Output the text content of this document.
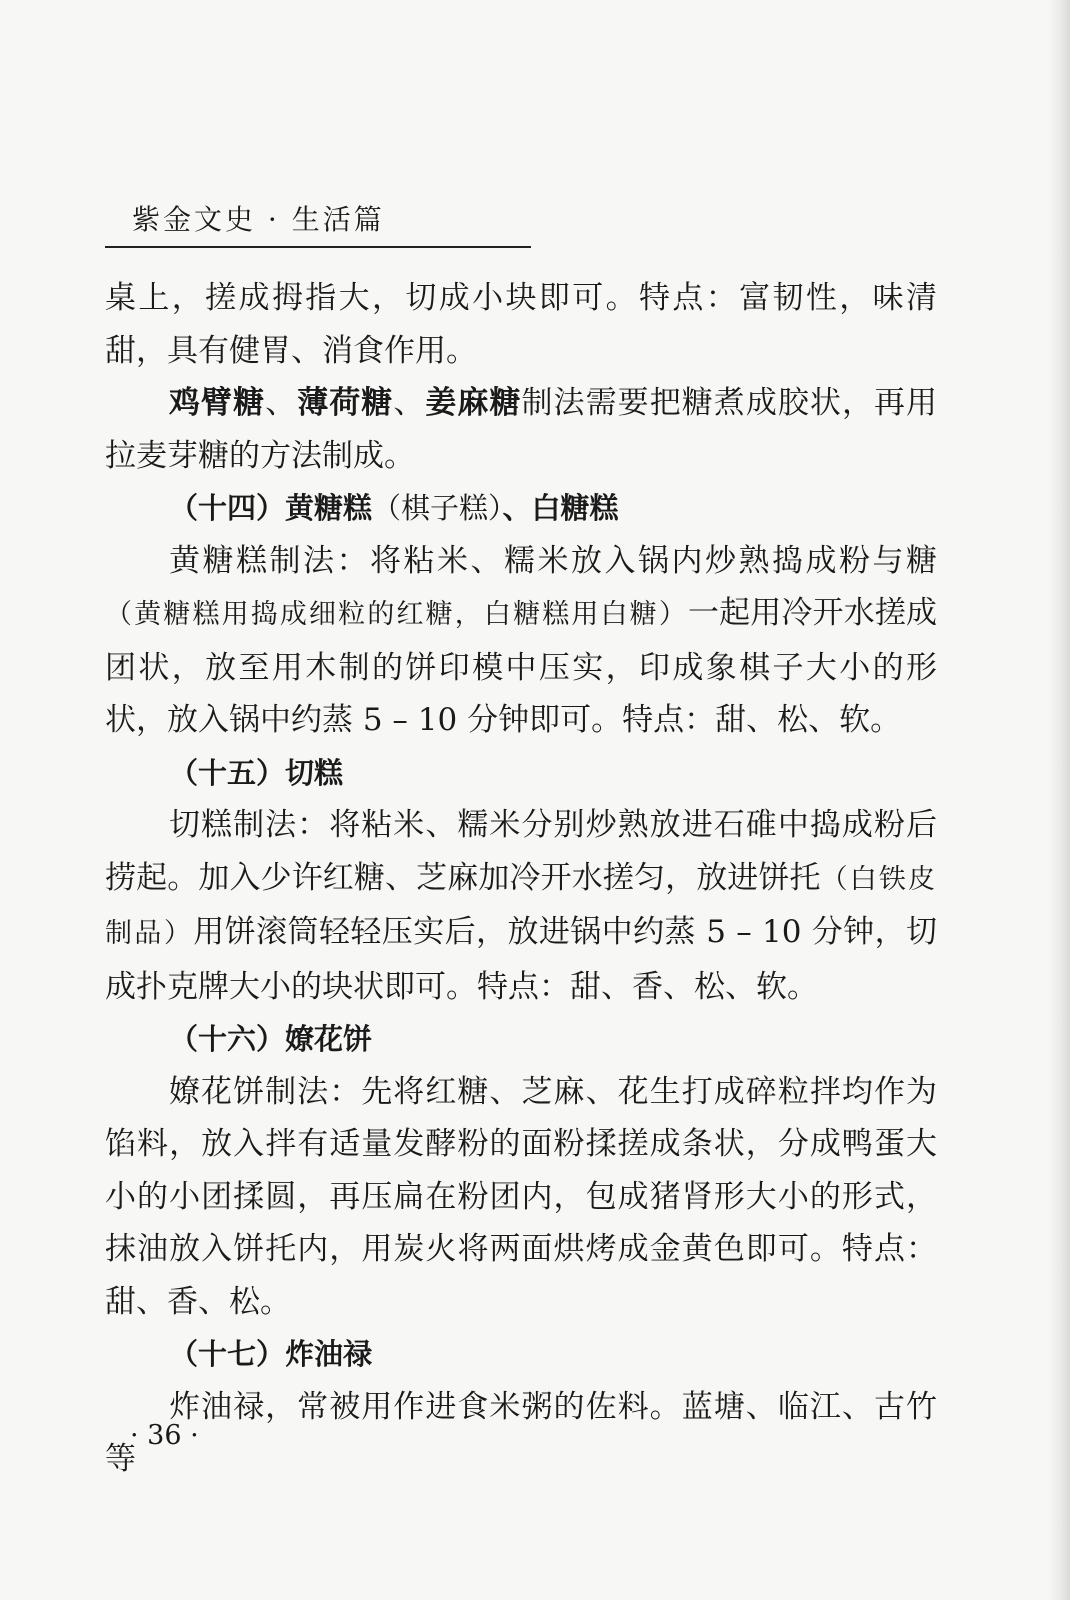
紫金文史 · 生活篇

桌上，搓成拇指大，切成小块即可。特点：富韧性，味清甜，具有健胃、消食作用。

鸡臂糖、薄荷糖、姜麻糖制法需要把糖煮成胶状，再用拉麦芽糖的方法制成。

（十四）黄糖糕（棋子糕）、白糖糕

黄糖糕制法：将粘米、糯米放入锅内炒熟捣成粉与糖（黄糖糕用捣成细粒的红糖，白糖糕用白糖）一起用冷开水搓成团状，放至用木制的饼印模中压实，印成象棋子大小的形状，放入锅中约蒸 5 – 10 分钟即可。特点：甜、松、软。

（十五）切糕

切糕制法：将粘米、糯米分别炒熟放进石碓中捣成粉后捞起。加入少许红糖、芝麻加冷开水搓匀，放进饼托（白铁皮制品）用饼滚筒轻轻压实后，放进锅中约蒸 5 – 10 分钟，切成扑克牌大小的块状即可。特点：甜、香、松、软。

（十六）嫽花饼

嫽花饼制法：先将红糖、芝麻、花生打成碎粒拌均作为馅料，放入拌有适量发酵粉的面粉揉搓成条状，分成鸭蛋大小的小团揉圆，再压扁在粉团内，包成猪肾形大小的形式，抹油放入饼托内，用炭火将两面烘烤成金黄色即可。特点：甜、香、松。

（十七）炸油禄

炸油禄，常被用作进食米粥的佐料。蓝塘、临江、古竹等

· 36 ·
